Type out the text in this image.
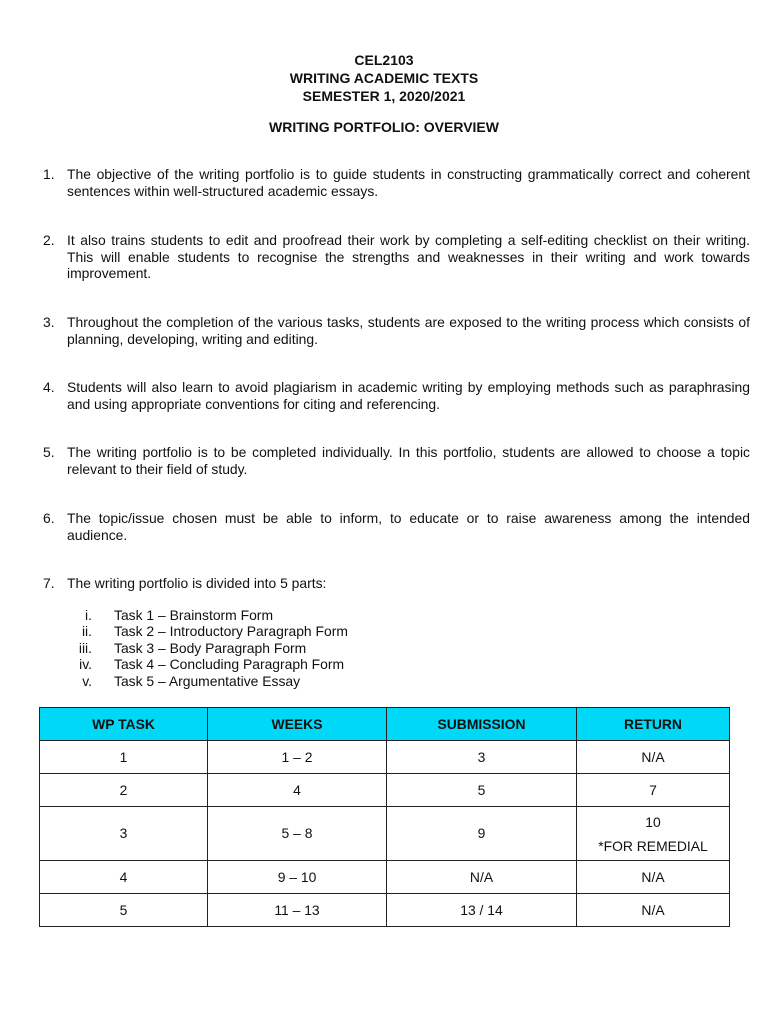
CEL2103
WRITING ACADEMIC TEXTS
SEMESTER 1, 2020/2021
WRITING PORTFOLIO: OVERVIEW
1. The objective of the writing portfolio is to guide students in constructing grammatically correct and coherent sentences within well-structured academic essays.

2. It also trains students to edit and proofread their work by completing a self-editing checklist on their writing. This will enable students to recognise the strengths and weaknesses in their writing and work towards improvement.

3. Throughout the completion of the various tasks, students are exposed to the writing process which consists of planning, developing, writing and editing.

4. Students will also learn to avoid plagiarism in academic writing by employing methods such as paraphrasing and using appropriate conventions for citing and referencing.

5. The writing portfolio is to be completed individually. In this portfolio, students are allowed to choose a topic relevant to their field of study.

6. The topic/issue chosen must be able to inform, to educate or to raise awareness among the intended audience.

7. The writing portfolio is divided into 5 parts:

i.	Task 1 – Brainstorm Form
ii.	Task 2 – Introductory Paragraph Form
iii.	Task 3 – Body Paragraph Form
iv.	Task 4 – Concluding Paragraph Form
v.	Task 5 – Argumentative Essay
WP TASK	WEEKS	SUBMISSION	RETURN
1	1 – 2	3	N/A
2	4	5	7
3	5 – 8	9	10
*FOR REMEDIAL

4	9 – 10	N/A	N/A
5	11 – 13	13 / 14	N/A
